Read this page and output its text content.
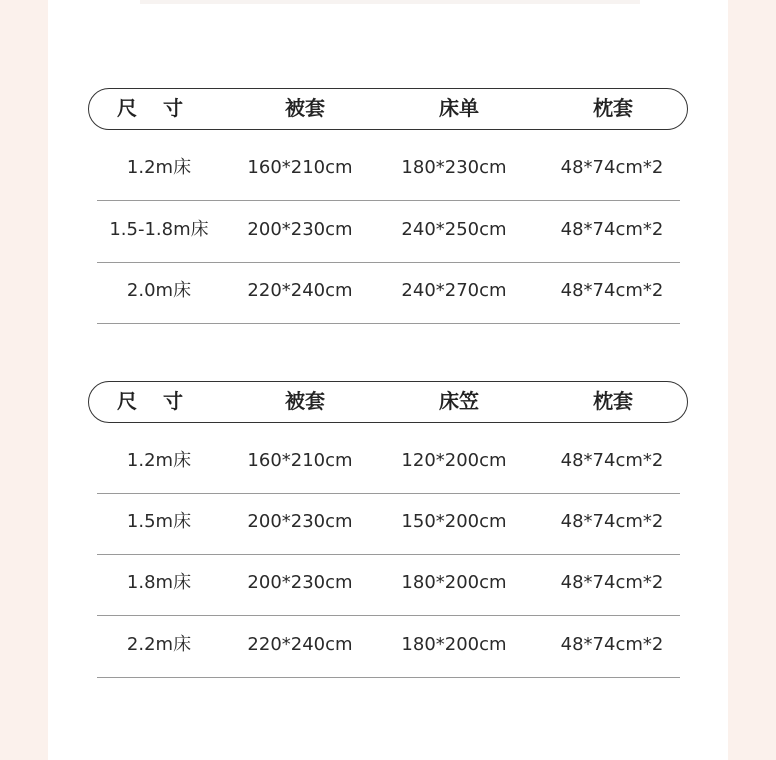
尺寸	被套	床单	枕套
1.2m床	160*210cm	180*230cm	48*74cm*2
1.5-1.8m床 200*230cm	240*250cm	48*74cm*2
2.0m床	220*240cm	240*270cm	48*74cm*2
尺寸	被套	床笠	枕套
1.2m床	160*210cm	120*200cm	48*74cm*2
1.5m床	200*230cm	150*200cm	48*74cm*2
1.8m床	200*230cm	180*200cm	48*74cm*2
2.2m床	220*240cm	180*200cm	48*74cm*2
